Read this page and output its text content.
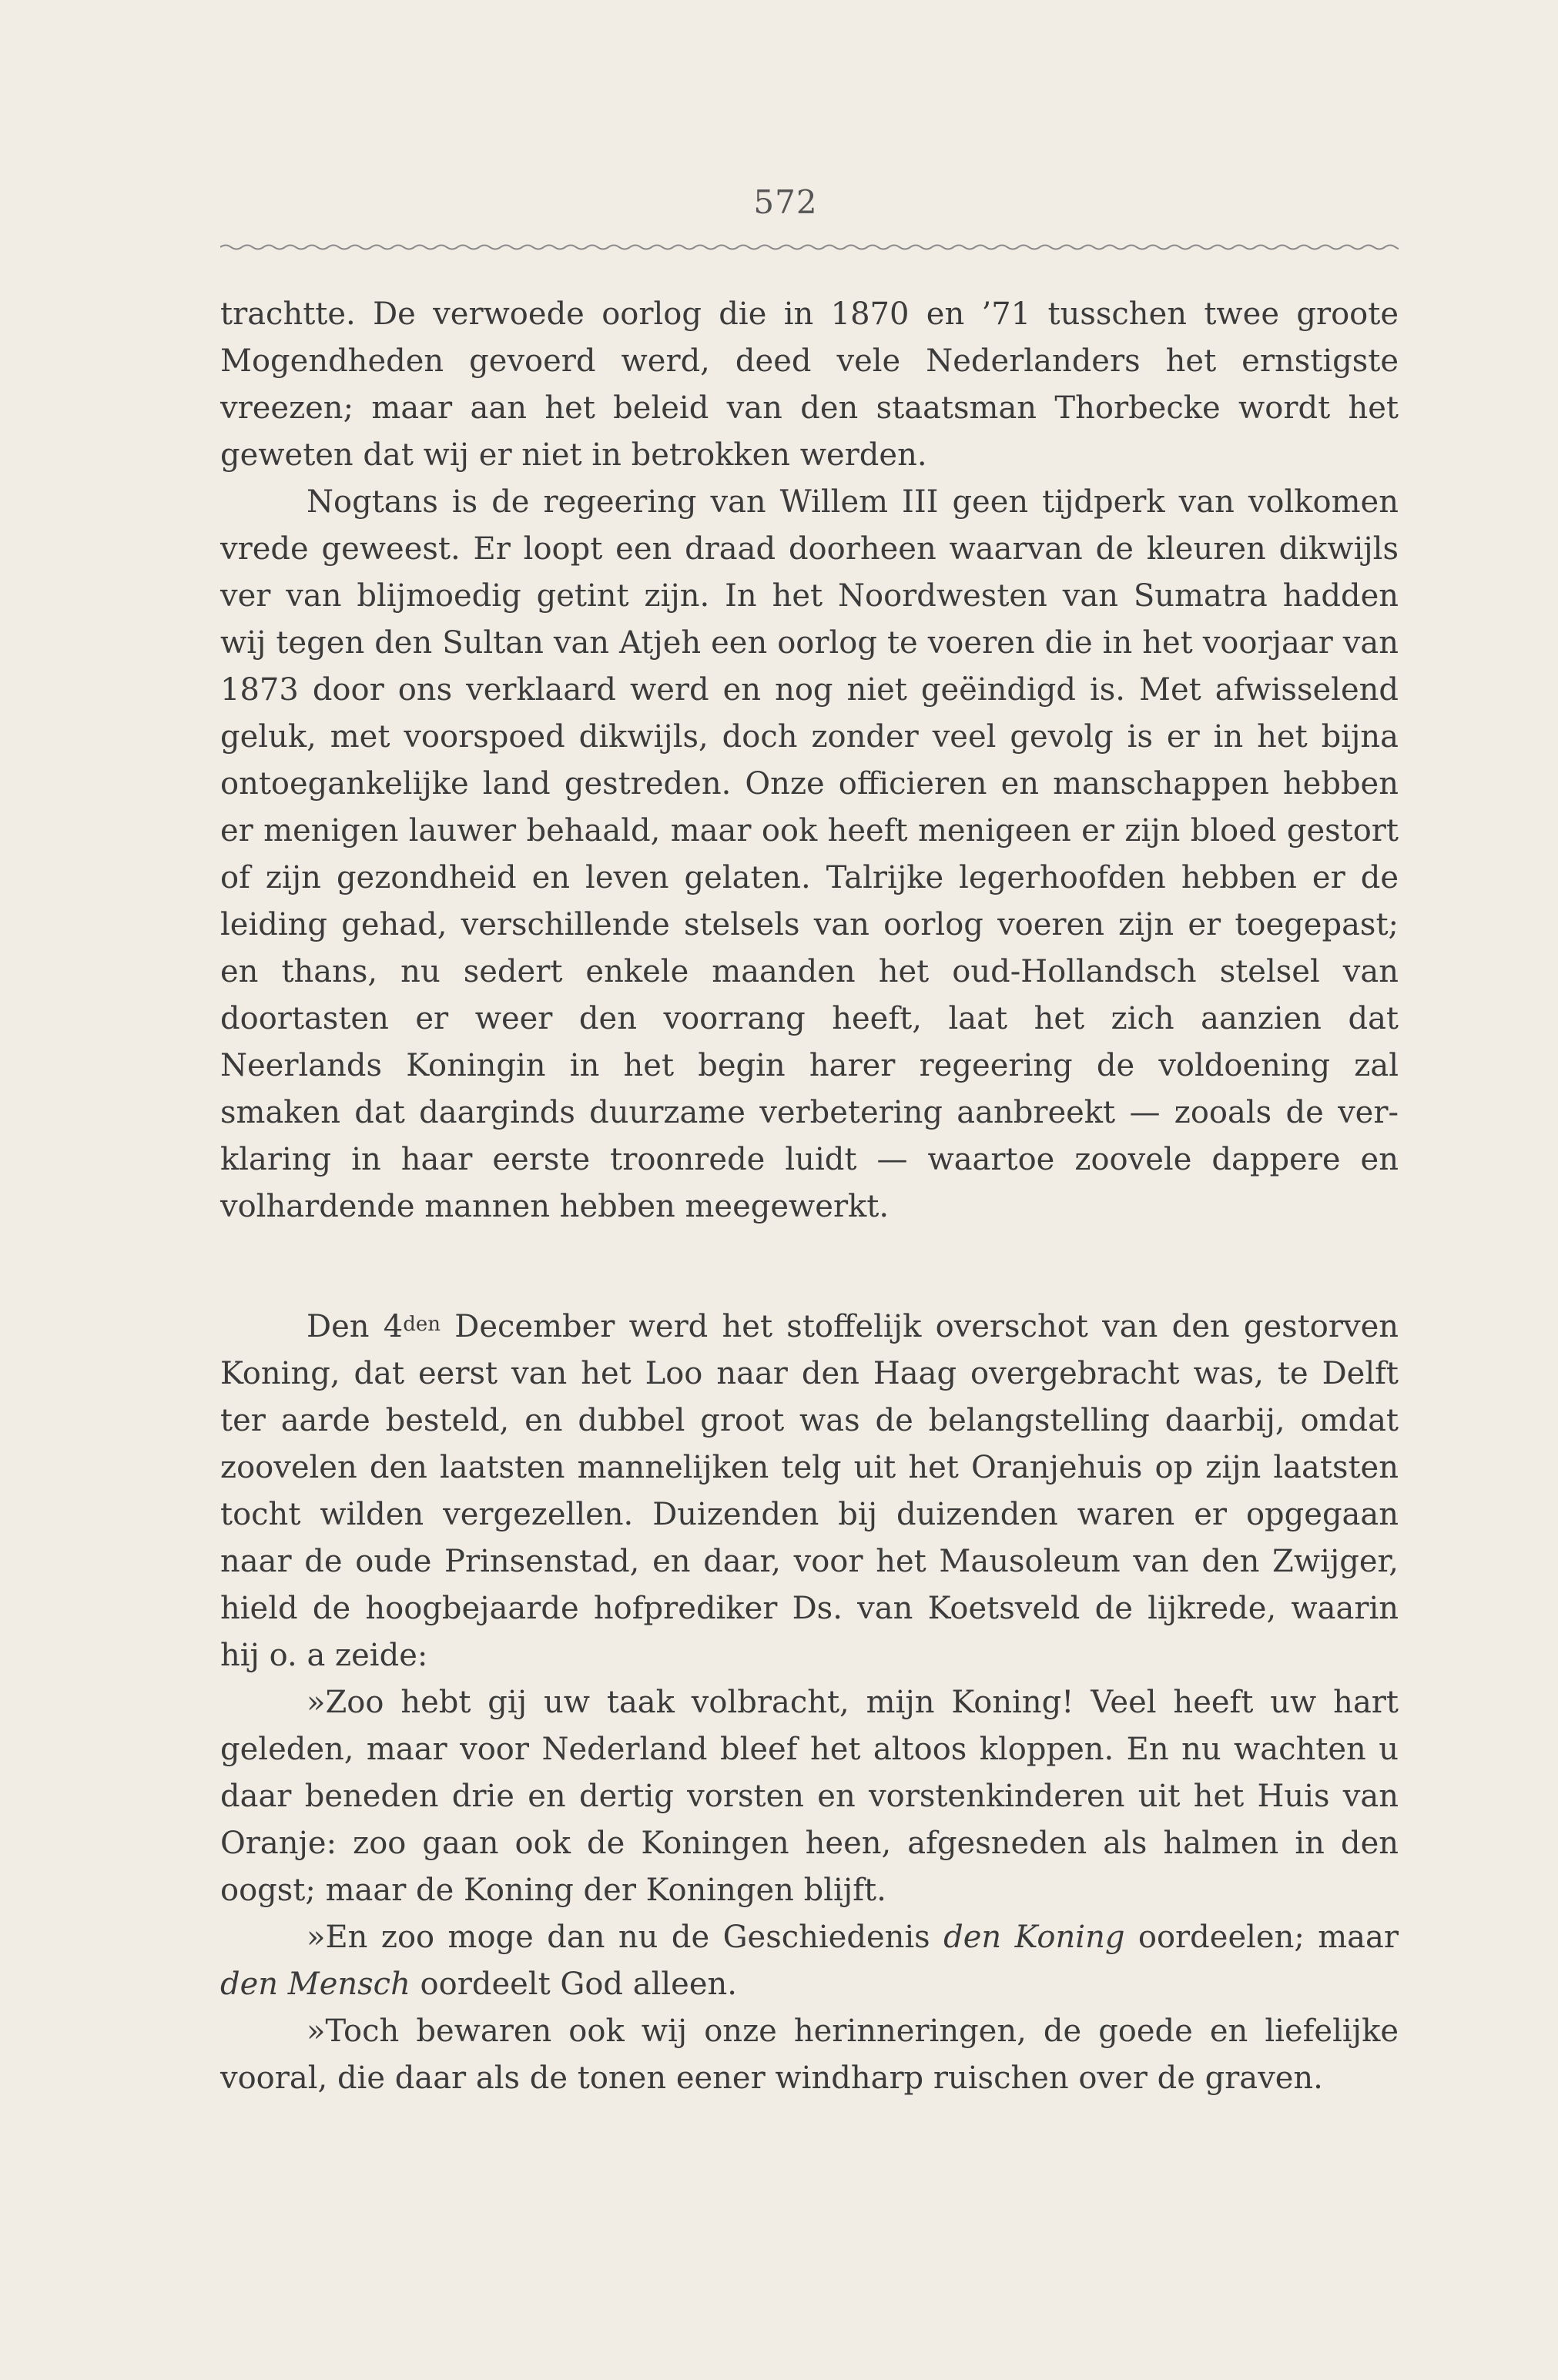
572

trachtte. De verwoede oorlog die in 1870 en ’71 tusschen twee groote Mogendheden gevoerd werd, deed vele Nederlanders het ernstigste vreezen; maar aan het beleid van den staatsman Thorbecke wordt het geweten dat wij er niet in betrokken werden.

Nogtans is de regeering van Willem III geen tijdperk van volkomen vrede geweest. Er loopt een draad doorheen waarvan de kleuren dikwijls ver van blijmoedig getint zijn. In het Noordwesten van Sumatra hadden wij tegen den Sultan van Atjeh een oorlog te voeren die in het voorjaar van 1873 door ons verklaard werd en nog niet geëindigd is. Met afwisselend geluk, met voorspoed dikwijls, doch zonder veel gevolg is er in het bijna ontoegankelijke land gestreden. Onze officieren en manschappen hebben er menigen lauwer behaald, maar ook heeft menigeen er zijn bloed gestort of zijn gezondheid en leven gelaten. Talrijke legerhoofden hebben er de leiding gehad, verschillende stelsels van oorlog voeren zijn er toegepast; en thans, nu sedert enkele maanden het oud-Hollandsch stelsel van doortasten er weer den voorrang heeft, laat het zich aanzien dat Neerlands Koningin in het begin harer regeering de voldoening zal smaken dat daarginds duurzame verbetering aanbreekt — zooals de verklaring in haar eerste troonrede luidt — waartoe zoovele dappere en volhardende mannen hebben meegewerkt.

Den $4^{den}$ December werd het stoffelijk overschot van den gestorven Koning, dat eerst van het Loo naar den Haag overgebracht was, te Delft ter aarde besteld, en dubbel groot was de belangstelling daarbij, omdat zoovelen den laatsten mannelijken telg uit het Oranjehuis op zijn laatsten tocht wilden vergezellen. Duizenden bij duizenden waren er opgegaan naar de oude Prinsenstad, en daar, voor het Mausoleum van den Zwijger, hield de hoogbejaarde hofprediker Ds. van Koetsveld de lijkrede, waarin hij o. a zeide:

»Zoo hebt gij uw taak volbracht, mijn Koning! Veel heeft uw hart geleden, maar voor Nederland bleef het altoos kloppen. En nu wachten u daar beneden drie en dertig vorsten en vorstenkinderen uit het Huis van Oranje: zoo gaan ook de Koningen heen, afgesneden als halmen in den oogst; maar de Koning der Koningen blijft.

»En zoo moge dan nu de Geschiedenis den Koning oordeelen; maar den Mensch oordeelt God alleen.

»Toch bewaren ook wij onze herinneringen, de goede en liefelijke vooral, die daar als de tonen eener windharp ruischen over de graven.
